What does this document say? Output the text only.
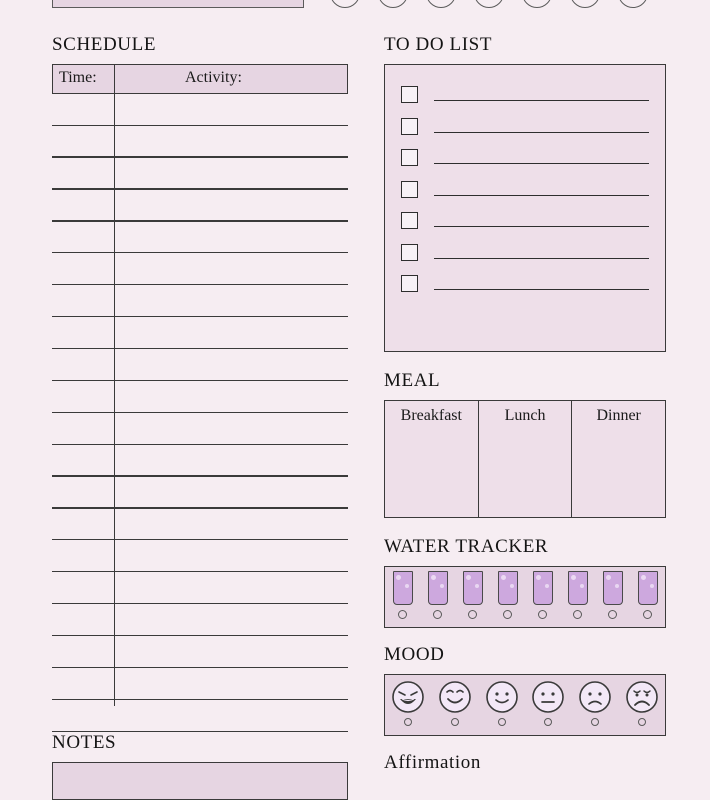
SCHEDULE
Time:	Activity:
NOTES
TO DO LIST
MEAL
Breakfast	Lunch	Dinner
WATER TRACKER
MOOD
Affirmation
